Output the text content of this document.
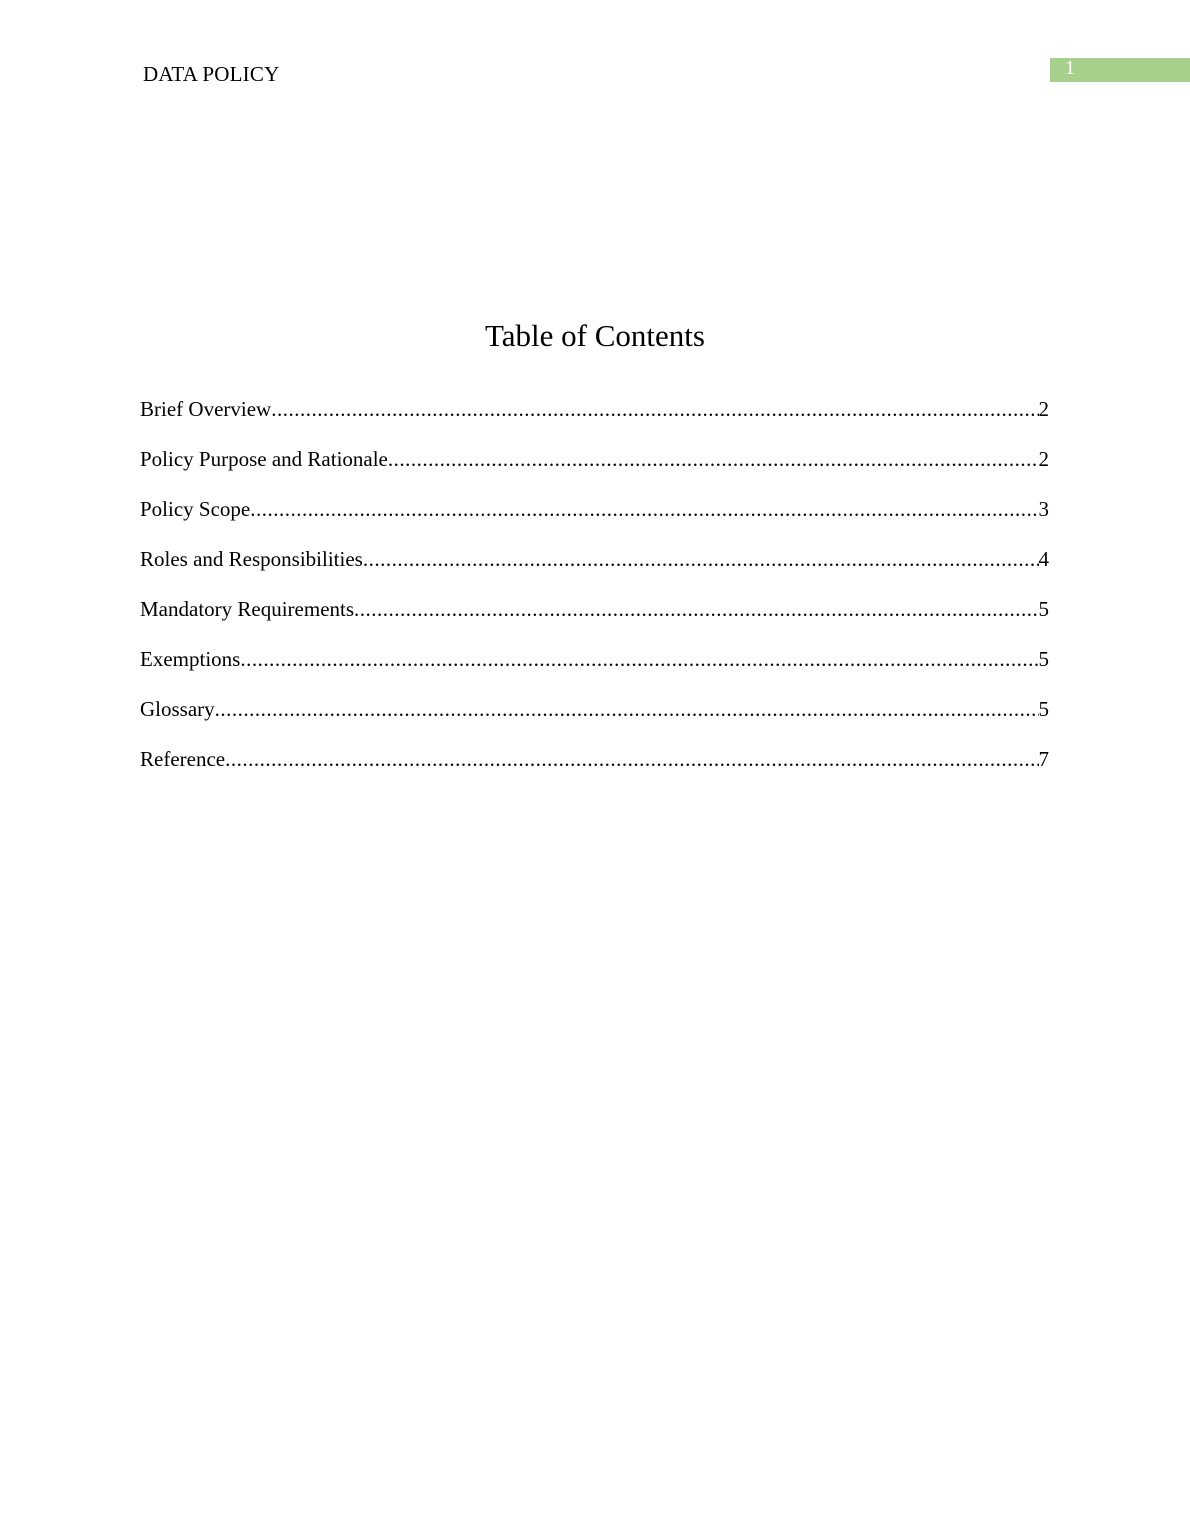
DATA POLICY	1
Table of Contents
Brief Overview .....	2
Policy Purpose and Rationale .....	2
Policy Scope .....	3
Roles and Responsibilities .....	4
Mandatory Requirements .....	5
Exemptions .....	5
Glossary .....	5
Reference .....	7
